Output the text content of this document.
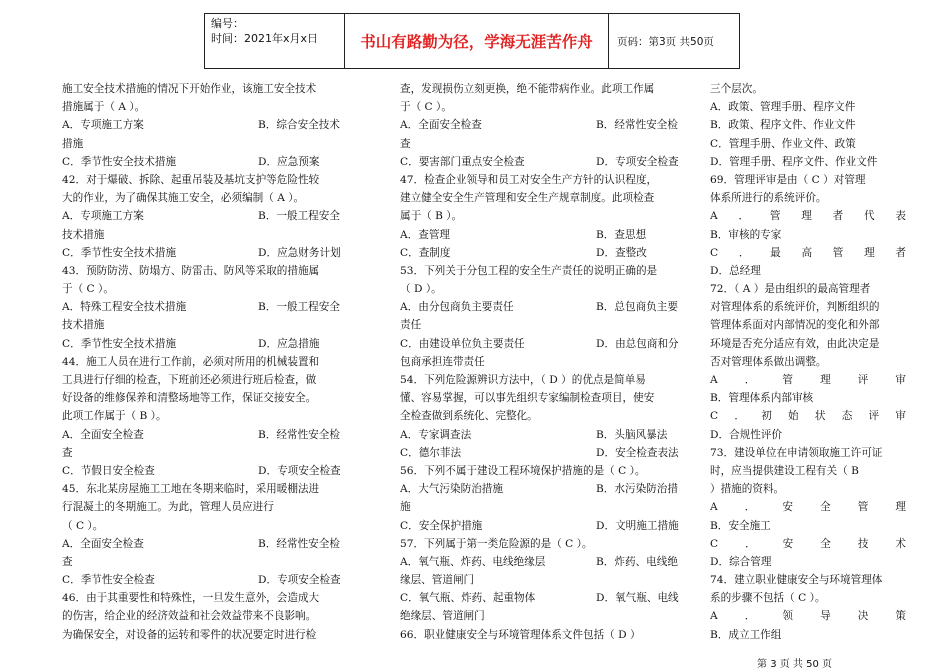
编号：
时间：2021年x月x日	书山有路勤为径，学海无涯苦作舟	页码：第3页 共50页
施工安全技术措施的情况下开始作业，该施工安全技术
措施属于（ A ）。
A．专项施工方案	B．综合安全技术
措施
C．季节性安全技术措施	D．应急预案
42．对于爆破、拆除、起重吊装及基坑支护等危险性较
大的作业，为了确保其施工安全，必须编制（ A ）。
A．专项施工方案	B．一般工程安全
技术措施
C．季节性安全技术措施	D．应急财务计划
43．预防防涝、防塌方、防雷击、防风等采取的措施属
于（ C ）。
A．特殊工程安全技术措施	B．一般工程安全
技术措施
C．季节性安全技术措施	D．应急措施
44．施工人员在进行工作前，必须对所用的机械装置和
工具进行仔细的检查，下班前还必须进行班后检查，做
好设备的维修保养和清整场地等工作，保证交接安全。
此项工作属于（ B ）。
A．全面安全检查	B．经常性安全检
查
C．节假日安全检查	D．专项安全检查
45．东北某房屋施工工地在冬期来临时，采用暖棚法进
行混凝土的冬期施工。为此，管理人员应进行
（ C ）。
A．全面安全检查	B．经常性安全检
查
C．季节性安全检查	D．专项安全检查
46．由于其重要性和特殊性，一旦发生意外，会造成大
的伤害，给企业的经济效益和社会效益带来不良影响。
为确保安全，对设备的运转和零件的状况要定时进行检
查，发现损伤立刻更换，绝不能带病作业。此项工作属
于（ C ）。
A．全面安全检查	B．经常性安全检
查
C．要害部门重点安全检查	D．专项安全检查
47．检查企业领导和员工对安全生产方针的认识程度，
建立健全安全生产管理和安全生产规章制度。此项检查
属于（ B ）。
A．查管理	B．查思想
C．查制度	D．查整改
53．下列关于分包工程的安全生产责任的说明正确的是
（ D ）。
A．由分包商负主要责任	B．总包商负主要
责任
C．由建设单位负主要责任	D．由总包商和分
包商承担连带责任
54．下列危险源辨识方法中，（ D ）的优点是简单易
懂、容易掌握，可以事先组织专家编制检查项目，使安
全检查做到系统化、完整化。
A．专家调查法	B．头脑风暴法
C．德尔菲法	D．安全检查表法
56．下列不属于建设工程环境保护措施的是（ C ）。
A．大气污染防治措施	B．水污染防治措
施
C．安全保护措施	D．文明施工措施
57．下列属于第一类危险源的是（ C ）。
A．氧气瓶、炸药、电线绝缘层	B．炸药、电线绝
缘层、管道闸门
C．氧气瓶、炸药、起重物体	D．氧气瓶、电线
绝缘层、管道闸门
66．职业健康安全与环境管理体系文件包括（ D ）
三个层次。
A．政策、管理手册、程序文件
B．政策、程序文件、作业文件
C．管理手册、作业文件、政策
D．管理手册、程序文件、作业文件
69．管理评审是由（ C ）对管理
体系所进行的系统评价。
A．管理者代表
B．审核的专家
C．最高管理者
D．总经理
72．（ A ）是由组织的最高管理者
对管理体系的系统评价，判断组织的
管理体系面对内部情况的变化和外部
环境是否充分适应有效，由此决定是
否对管理体系做出调整。
A．管理评审
B．管理体系内部审核
C．初始状态评审
D．合规性评价
73．建设单位在申请领取施工许可证
时，应当提供建设工程有关（ B
）措施的资料。
A．安全管理
B．安全施工
C．安全技术
D．综合管理
74．建立职业健康安全与环境管理体
系的步骤不包括（ C ）。
A．领导决策
B．成立工作组
第 3 页 共 50 页
